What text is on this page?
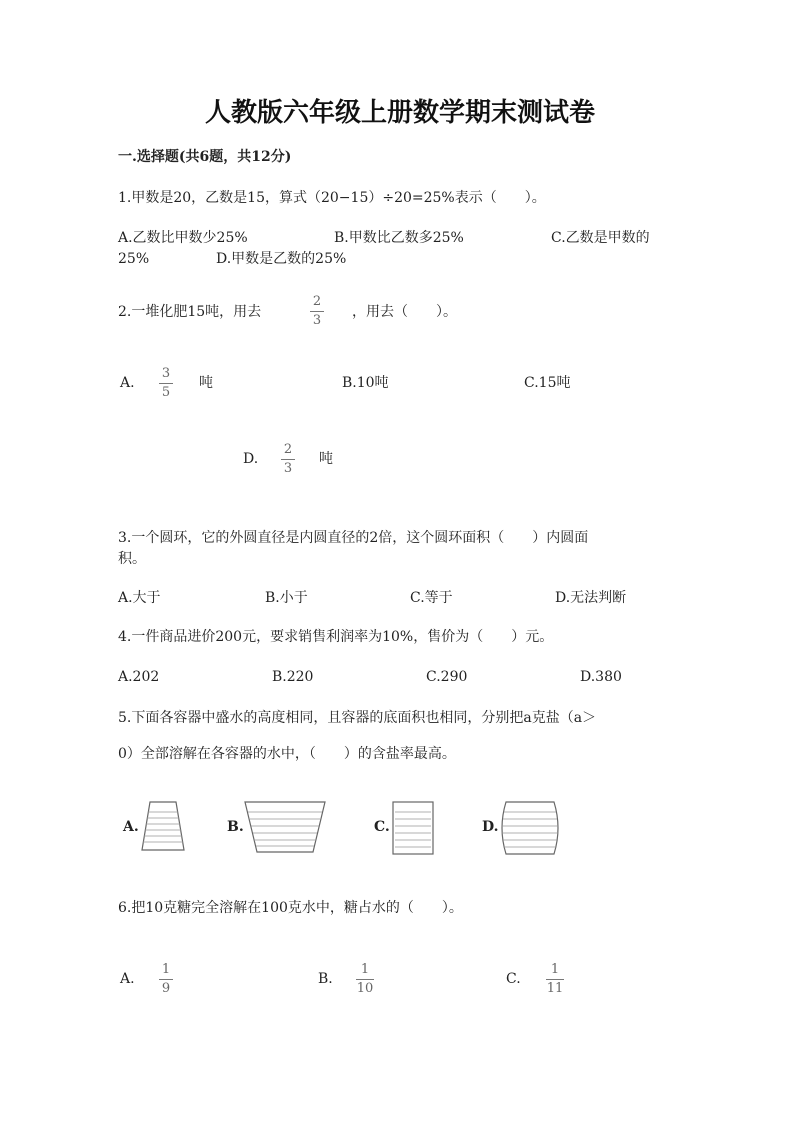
人教版六年级上册数学期末测试卷
一.选择题(共6题，共12分)
1.甲数是20，乙数是15，算式（20−15）÷20=25%表示（　　）。
A.乙数比甲数少25%	B.甲数比乙数多25%	C.乙数是甲数的
25%	D.甲数是乙数的25%
2.一堆化肥15吨，用去
2
3
，用去（　　）。
A.
3
5
吨	B.10吨	C.15吨
D.
2
3
吨
3.一个圆环，它的外圆直径是内圆直径的2倍，这个圆环面积（　　）内圆面
积。
A.大于	B.小于	C.等于	D.无法判断
4.一件商品进价200元，要求销售利润率为10%，售价为（　　）元。
A.202	B.220	C.290	D.380
5.下面各容器中盛水的高度相同，且容器的底面积也相同，分别把a克盐（a＞
0）全部溶解在各容器的水中，（　　）的含盐率最高。
A.	B.	C.	D.
6.把10克糖完全溶解在100克水中，糖占水的（　　）。
A.
1
9
B.
1
10
C.
1
11
